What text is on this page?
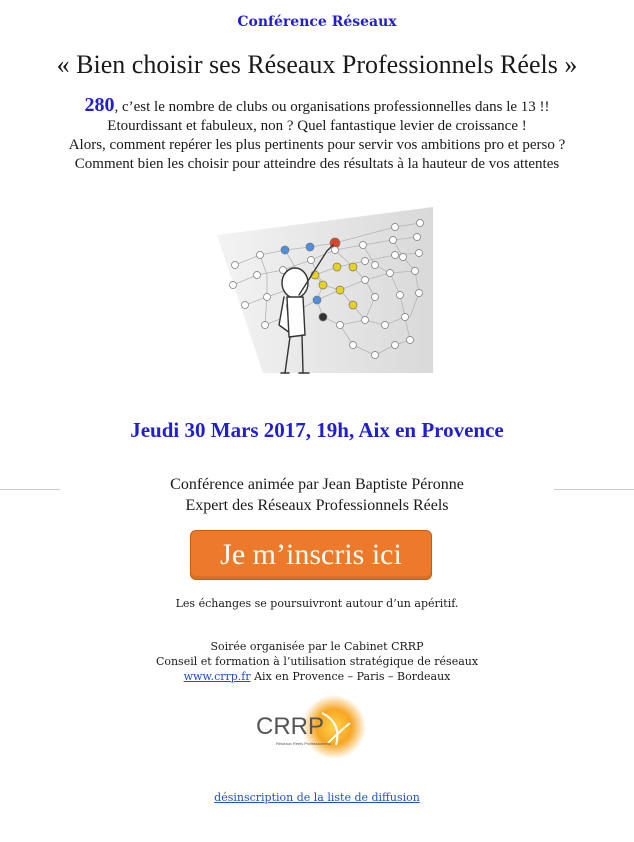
Conférence Réseaux
« Bien choisir ses Réseaux Professionnels Réels »
280, c’est le nombre de clubs ou organisations professionnelles dans le 13 !!
Etourdissant et fabuleux, non ? Quel fantastique levier de croissance !
Alors, comment repérer les plus pertinents pour servir vos ambitions pro et perso ?
Comment bien les choisir pour atteindre des résultats à la hauteur de vos attentes
Jeudi 30 Mars 2017, 19h, Aix en Provence
Conférence animée par Jean Baptiste Péronne
Expert des Réseaux Professionnels Réels
Je m’inscris ici
Les échanges se poursuivront autour d’un apéritif.
Soirée organisée par le Cabinet CRRP
Conseil et formation à l’utilisation stratégique de réseaux
www.crrp.fr Aix en Provence – Paris – Bordeaux
CRRP
Réseaux Réels Professionnels
désinscription de la liste de diffusion
